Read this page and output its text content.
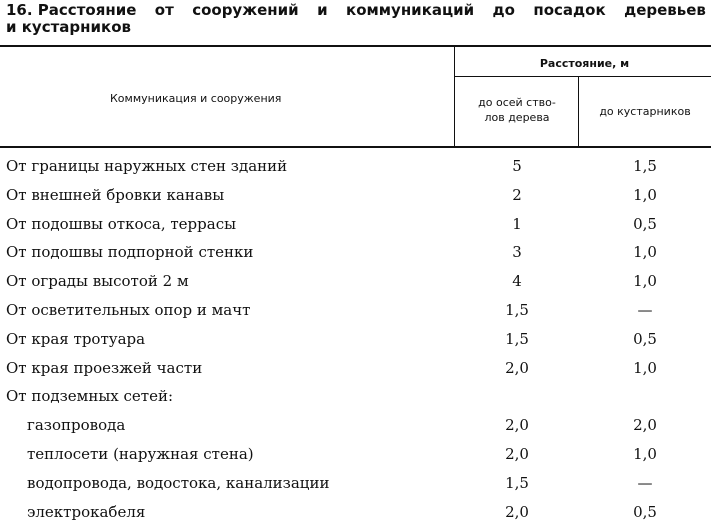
16. Расстояние от сооружений и коммуникаций до посадок деревьев
и кустарников
Коммуникация и сооружения
Расстояние, м
до осей ство-
лов дерева	до кустарников
От границы наружных стен зданий	5	1,5
От внешней бровки канавы	2	1,0
От подошвы откоса, террасы	1	0,5
От подошвы подпорной стенки	3	1,0
От ограды высотой 2 м	4	1,0
От осветительных опор и мачт	1,5	—
От края тротуара	1,5	0,5
От края проезжей части	2,0	1,0
От подземных сетей:
газопровода	2,0	2,0
теплосети (наружная стена)	2,0	1,0
водопровода, водостока, канализации	1,5	—
электрокабеля	2,0	0,5
